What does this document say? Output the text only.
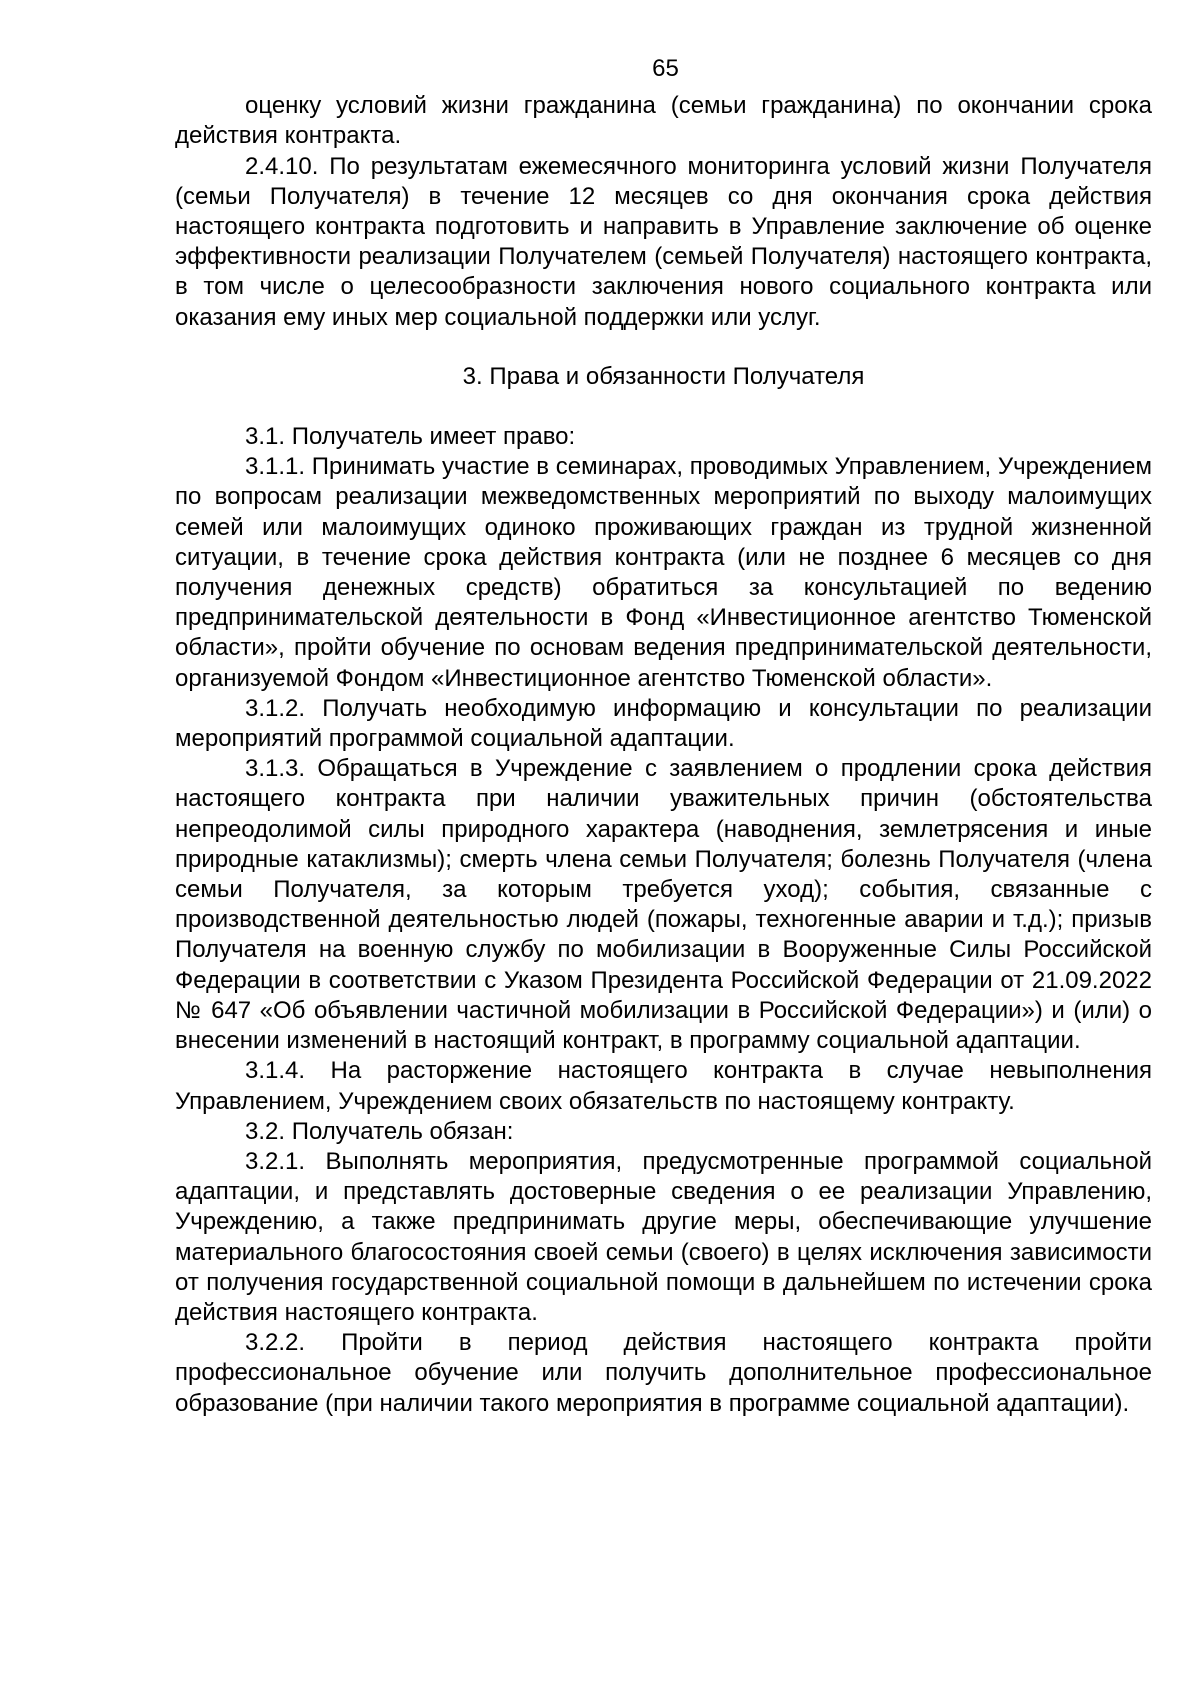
65

оценку условий жизни гражданина (семьи гражданина) по окончании срока действия контракта.

2.4.10. По результатам ежемесячного мониторинга условий жизни Получателя (семьи Получателя) в течение 12 месяцев со дня окончания срока действия настоящего контракта подготовить и направить в Управление заключение об оценке эффективности реализации Получателем (семьей Получателя) настоящего контракта, в том числе о целесообразности заключения нового социального контракта или оказания ему иных мер социальной поддержки или услуг.

3. Права и обязанности Получателя

3.1. Получатель имеет право:

3.1.1. Принимать участие в семинарах, проводимых Управлением, Учреждением по вопросам реализации межведомственных мероприятий по выходу малоимущих семей или малоимущих одиноко проживающих граждан из трудной жизненной ситуации, в течение срока действия контракта (или не позднее 6 месяцев со дня получения денежных средств) обратиться за консультацией по ведению предпринимательской деятельности в Фонд «Инвестиционное агентство Тюменской области», пройти обучение по основам ведения предпринимательской деятельности, организуемой Фондом «Инвестиционное агентство Тюменской области».

3.1.2. Получать необходимую информацию и консультации по реализации мероприятий программой социальной адаптации.

3.1.3. Обращаться в Учреждение с заявлением о продлении срока действия настоящего контракта при наличии уважительных причин (обстоятельства непреодолимой силы природного характера (наводнения, землетрясения и иные природные катаклизмы); смерть члена семьи Получателя; болезнь Получателя (члена семьи Получателя, за которым требуется уход); события, связанные с производственной деятельностью людей (пожары, техногенные аварии и т.д.); призыв Получателя на военную службу по мобилизации в Вооруженные Силы Российской Федерации в соответствии с Указом Президента Российской Федерации от 21.09.2022 № 647 «Об объявлении частичной мобилизации в Российской Федерации») и (или) о внесении изменений в настоящий контракт, в программу социальной адаптации.

3.1.4. На расторжение настоящего контракта в случае невыполнения Управлением, Учреждением своих обязательств по настоящему контракту.

3.2. Получатель обязан:

3.2.1. Выполнять мероприятия, предусмотренные программой социальной адаптации, и представлять достоверные сведения о ее реализации Управлению, Учреждению, а также предпринимать другие меры, обеспечивающие улучшение материального благосостояния своей семьи (своего) в целях исключения зависимости от получения государственной социальной помощи в дальнейшем по истечении срока действия настоящего контракта.

3.2.2. Пройти в период действия настоящего контракта пройти профессиональное обучение или получить дополнительное профессиональное образование (при наличии такого мероприятия в программе социальной адаптации).
